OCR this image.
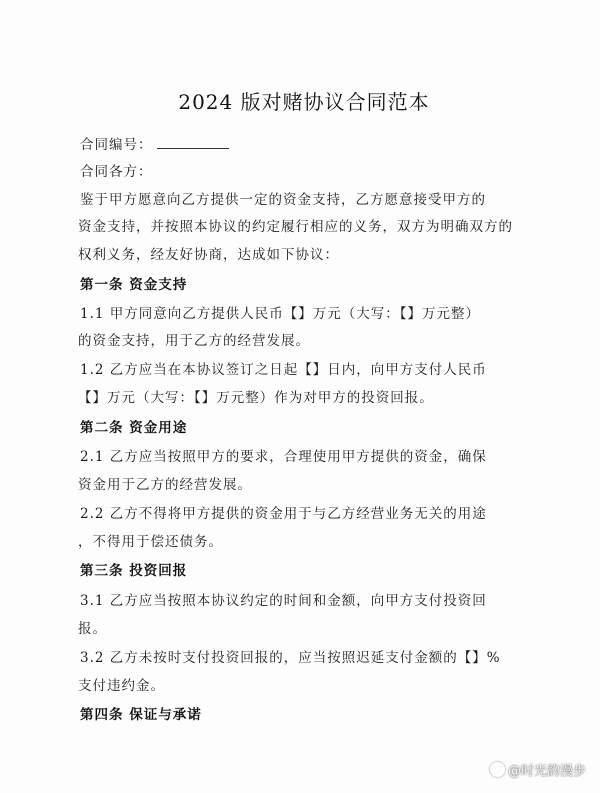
2024 版对赌协议合同范本
合同编号：
合同各方：
鉴于甲方愿意向乙方提供一定的资金支持，乙方愿意接受甲方的
资金支持，并按照本协议的约定履行相应的义务，双方为明确双方的
权利义务，经友好协商，达成如下协议：
第一条 资金支持
1.1 甲方同意向乙方提供人民币【】万元（大写：【】万元整）
的资金支持，用于乙方的经营发展。
1.2 乙方应当在本协议签订之日起【】日内，向甲方支付人民币
【】万元（大写：【】万元整）作为对甲方的投资回报。
第二条 资金用途
2.1 乙方应当按照甲方的要求，合理使用甲方提供的资金，确保
资金用于乙方的经营发展。
2.2 乙方不得将甲方提供的资金用于与乙方经营业务无关的用途
，不得用于偿还债务。
第三条 投资回报
3.1 乙方应当按照本协议约定的时间和金额，向甲方支付投资回
报。
3.2 乙方未按时支付投资回报的，应当按照迟延支付金额的【】%
支付违约金。
第四条 保证与承诺
@时光韵漫步
